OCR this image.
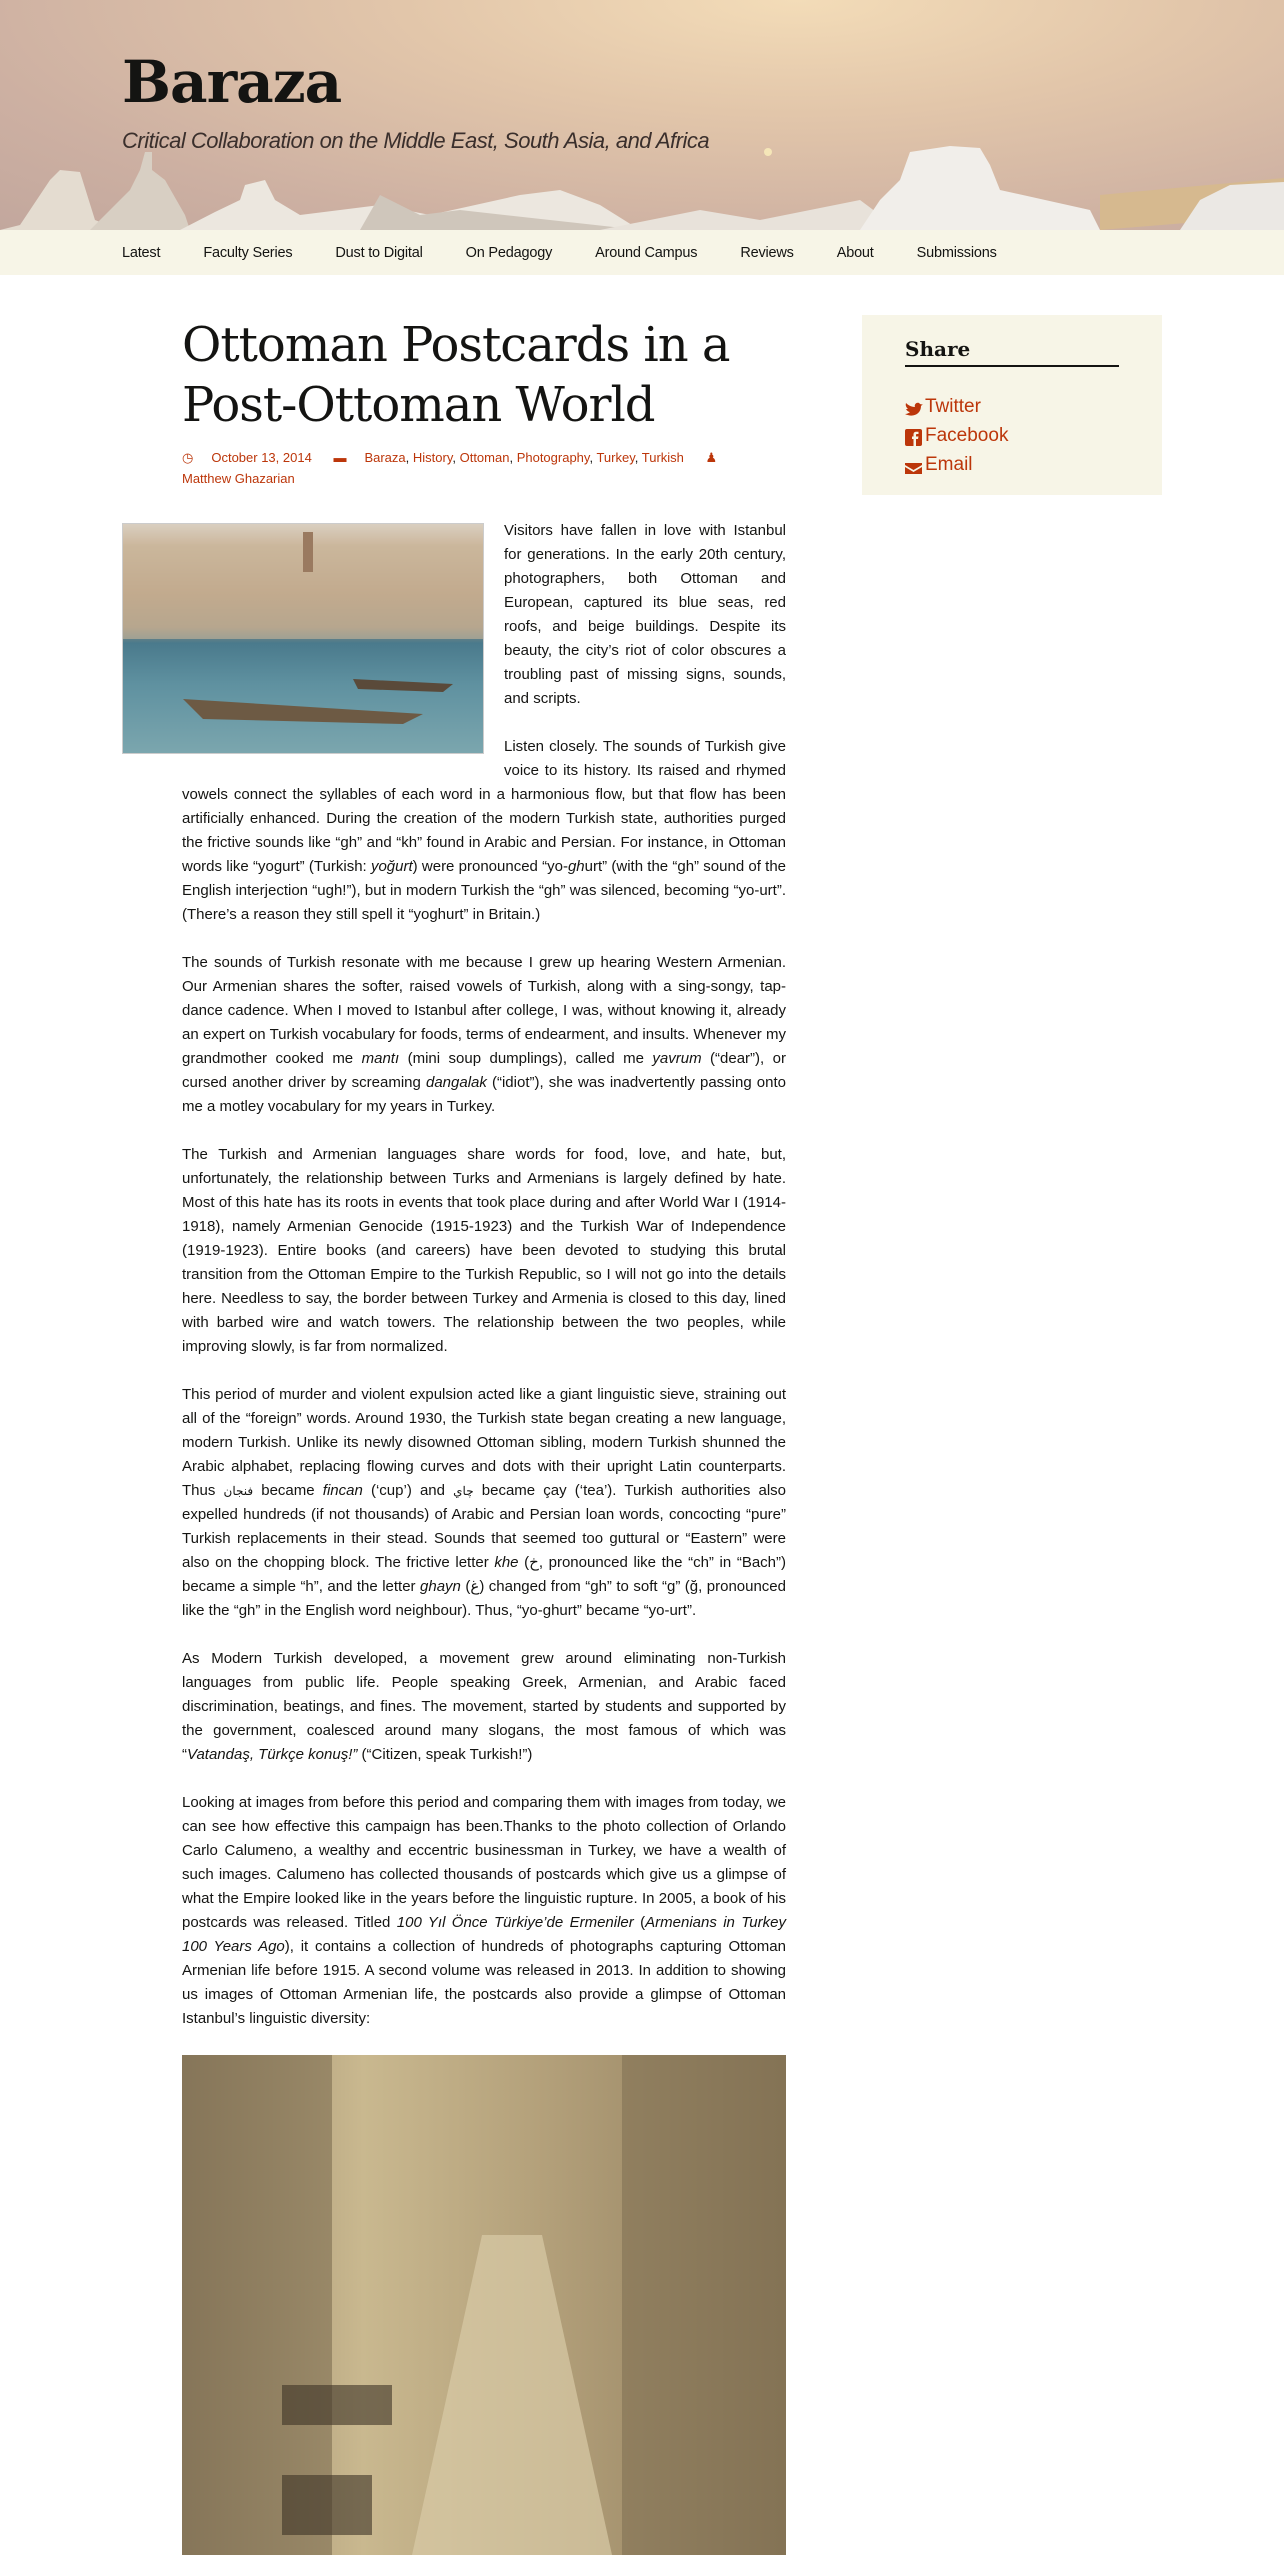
Baraza
Critical Collaboration on the Middle East, South Asia, and Africa
Latest	Faculty Series	Dust to Digital	On Pedagogy	Around Campus	Reviews	About	Submissions
Ottoman Postcards in a Post-Ottoman World
◷ October 13, 2014 ▬ Baraza, History, Ottoman, Photography, Turkey, Turkish ♟ Matthew Ghazarian

Visitors have fallen in love with Istanbul for generations. In the early 20th century, photographers, both Ottoman and European, captured its blue seas, red roofs, and beige buildings. Despite its beauty, the city’s riot of color obscures a troubling past of missing signs, sounds, and scripts.

Listen closely. The sounds of Turkish give voice to its history. Its raised and rhymed vowels connect the syllables of each word in a harmonious flow, but that flow has been artificially enhanced. During the creation of the modern Turkish state, authorities purged the frictive sounds like “gh” and “kh” found in Arabic and Persian. For instance, in Ottoman words like “yogurt” (Turkish: yoğurt) were pronounced “yo-ghurt” (with the “gh” sound of the English interjection “ugh!”), but in modern Turkish the “gh” was silenced, becoming “yo-urt”. (There’s a reason they still spell it “yoghurt” in Britain.)

The sounds of Turkish resonate with me because I grew up hearing Western Armenian. Our Armenian shares the softer, raised vowels of Turkish, along with a sing-songy, tap-dance cadence. When I moved to Istanbul after college, I was, without knowing it, already an expert on Turkish vocabulary for foods, terms of endearment, and insults. Whenever my grandmother cooked me mantı (mini soup dumplings), called me yavrum (“dear”), or cursed another driver by screaming dangalak (“idiot”), she was inadvertently passing onto me a motley vocabulary for my years in Turkey.

The Turkish and Armenian languages share words for food, love, and hate, but, unfortunately, the relationship between Turks and Armenians is largely defined by hate. Most of this hate has its roots in events that took place during and after World War I (1914-1918), namely Armenian Genocide (1915-1923) and the Turkish War of Independence (1919-1923). Entire books (and careers) have been devoted to studying this brutal transition from the Ottoman Empire to the Turkish Republic, so I will not go into the details here. Needless to say, the border between Turkey and Armenia is closed to this day, lined with barbed wire and watch towers. The relationship between the two peoples, while improving slowly, is far from normalized.

This period of murder and violent expulsion acted like a giant linguistic sieve, straining out all of the “foreign” words. Around 1930, the Turkish state began creating a new language, modern Turkish. Unlike its newly disowned Ottoman sibling, modern Turkish shunned the Arabic alphabet, replacing flowing curves and dots with their upright Latin counterparts. Thus فنجان became fincan (‘cup’) and چاي became çay (‘tea’). Turkish authorities also expelled hundreds (if not thousands) of Arabic and Persian loan words, concocting “pure” Turkish replacements in their stead. Sounds that seemed too guttural or “Eastern” were also on the chopping block. The frictive letter khe (خ, pronounced like the “ch” in “Bach”) became a simple “h”, and the letter ghayn (غ) changed from “gh” to soft “g” (ğ, pronounced like the “gh” in the English word neighbour). Thus, “yo-ghurt” became “yo-urt”.

As Modern Turkish developed, a movement grew around eliminating non-Turkish languages from public life. People speaking Greek, Armenian, and Arabic faced discrimination, beatings, and fines. The movement, started by students and supported by the government, coalesced around many slogans, the most famous of which was “Vatandaş, Türkçe konuş!” (“Citizen, speak Turkish!”)

Looking at images from before this period and comparing them with images from today, we can see how effective this campaign has been.Thanks to the photo collection of Orlando Carlo Calumeno, a wealthy and eccentric businessman in Turkey, we have a wealth of such images. Calumeno has collected thousands of postcards which give us a glimpse of what the Empire looked like in the years before the linguistic rupture. In 2005, a book of his postcards was released. Titled 100 Yıl Önce Türkiye’de Ermeniler (Armenians in Turkey 100 Years Ago), it contains a collection of hundreds of photographs capturing Ottoman Armenian life before 1915. A second volume was released in 2013. In addition to showing us images of Ottoman Armenian life, the postcards also provide a glimpse of Ottoman Istanbul’s linguistic diversity:

Share
Twitter
Facebook
Email
